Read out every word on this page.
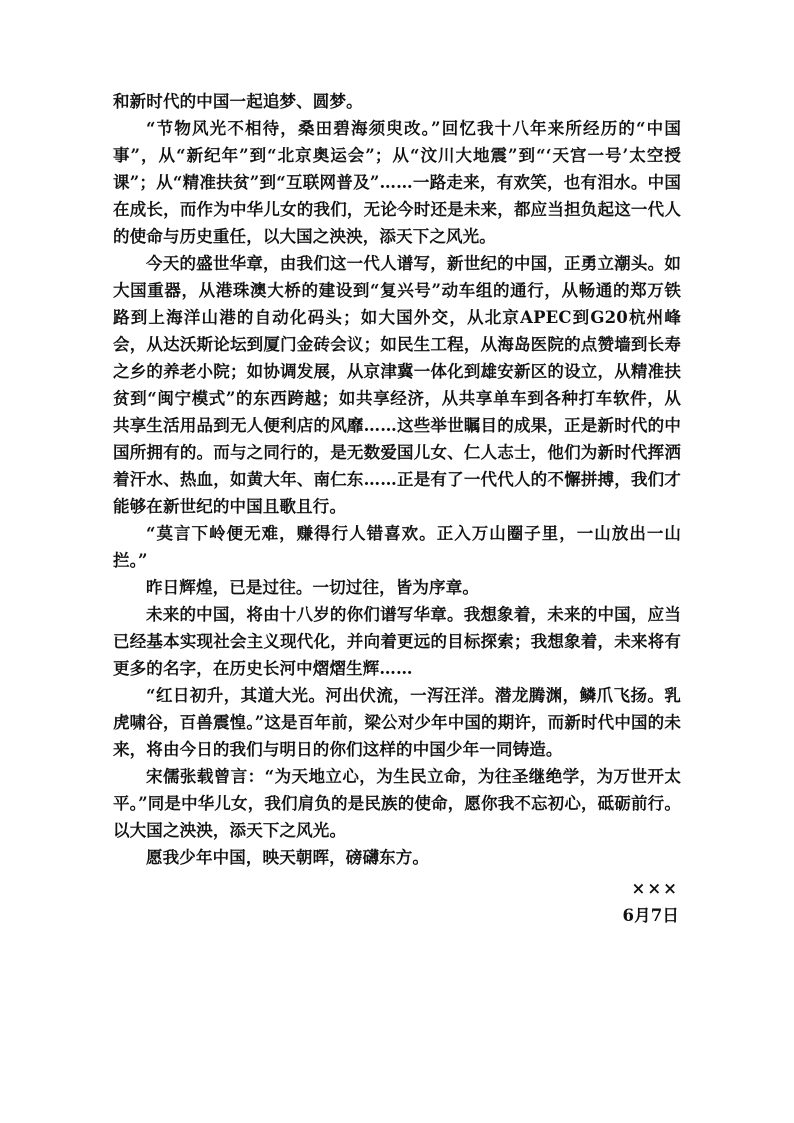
和新时代的中国一起追梦、圆梦。

“节物风光不相待，桑田碧海须臾改。”回忆我十八年来所经历的“中国事”，从“新纪年”到“北京奥运会”；从“汶川大地震”到“‘天宫一号’太空授课”；从“精准扶贫”到“互联网普及”……一路走来，有欢笑，也有泪水。中国在成长，而作为中华儿女的我们，无论今时还是未来，都应当担负起这一代人的使命与历史重任，以大国之泱泱，添天下之风光。

今天的盛世华章，由我们这一代人谱写，新世纪的中国，正勇立潮头。如大国重器，从港珠澳大桥的建设到“复兴号”动车组的通行，从畅通的郑万铁路到上海洋山港的自动化码头；如大国外交，从北京APEC到G20杭州峰会，从达沃斯论坛到厦门金砖会议；如民生工程，从海岛医院的点赞墙到长寿之乡的养老小院；如协调发展，从京津冀一体化到雄安新区的设立，从精准扶贫到“闽宁模式”的东西跨越；如共享经济，从共享单车到各种打车软件，从共享生活用品到无人便利店的风靡……这些举世瞩目的成果，正是新时代的中国所拥有的。而与之同行的，是无数爱国儿女、仁人志士，他们为新时代挥洒着汗水、热血，如黄大年、南仁东……正是有了一代代人的不懈拼搏，我们才能够在新世纪的中国且歌且行。

“莫言下岭便无难，赚得行人错喜欢。正入万山圈子里，一山放出一山拦。”

昨日辉煌，已是过往。一切过往，皆为序章。

未来的中国，将由十八岁的你们谱写华章。我想象着，未来的中国，应当已经基本实现社会主义现代化，并向着更远的目标探索；我想象着，未来将有更多的名字，在历史长河中熠熠生辉……

“红日初升，其道大光。河出伏流，一泻汪洋。潜龙腾渊，鳞爪飞扬。乳虎啸谷，百兽震惶。”这是百年前，梁公对少年中国的期许，而新时代中国的未来，将由今日的我们与明日的你们这样的中国少年一同铸造。

宋儒张载曾言：“为天地立心，为生民立命，为往圣继绝学，为万世开太平。”同是中华儿女，我们肩负的是民族的使命，愿你我不忘初心，砥砺前行。以大国之泱泱，添天下之风光。

愿我少年中国，映天朝晖，磅礴东方。

×××

6月7日
